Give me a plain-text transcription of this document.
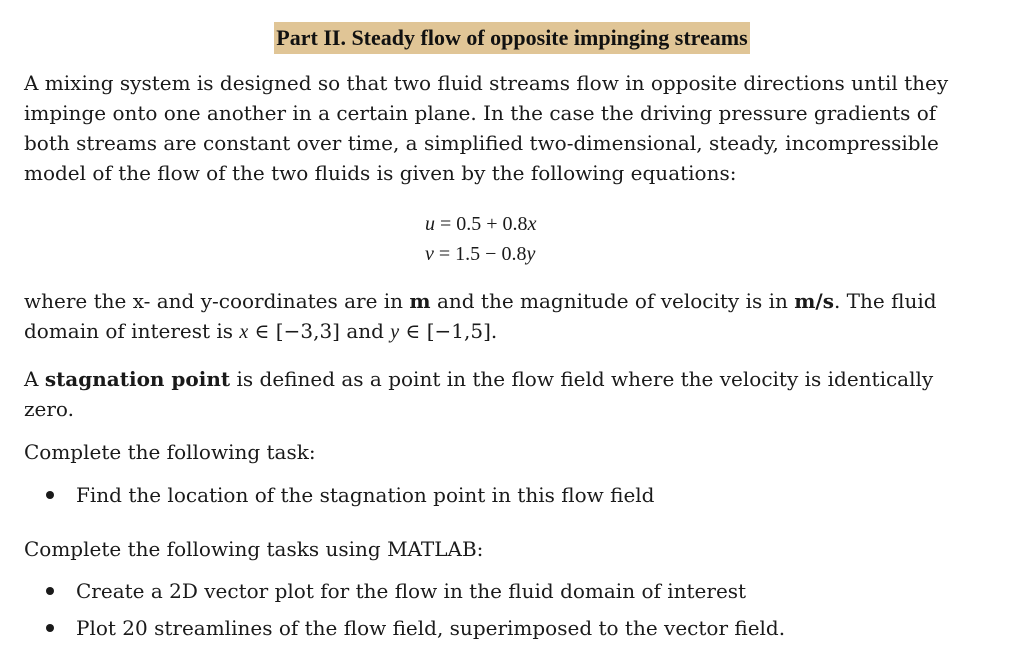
Part II. Steady flow of opposite impinging streams

A mixing system is designed so that two fluid streams flow in opposite directions until they
impinge onto one another in a certain plane. In the case the driving pressure gradients of
both streams are constant over time, a simplified two-dimensional, steady, incompressible
model of the flow of the two fluids is given by the following equations:

u = 0.5 + 0.8x
v = 1.5 − 0.8y

where the x- and y-coordinates are in m and the magnitude of velocity is in m/s. The fluid
domain of interest is x ∈ [−3,3] and y ∈ [−1,5].

A stagnation point is defined as a point in the flow field where the velocity is identically
zero.

Complete the following task:

Find the location of the stagnation point in this flow field

Complete the following tasks using MATLAB:

Create a 2D vector plot for the flow in the fluid domain of interest
Plot 20 streamlines of the flow field, superimposed to the vector field.
